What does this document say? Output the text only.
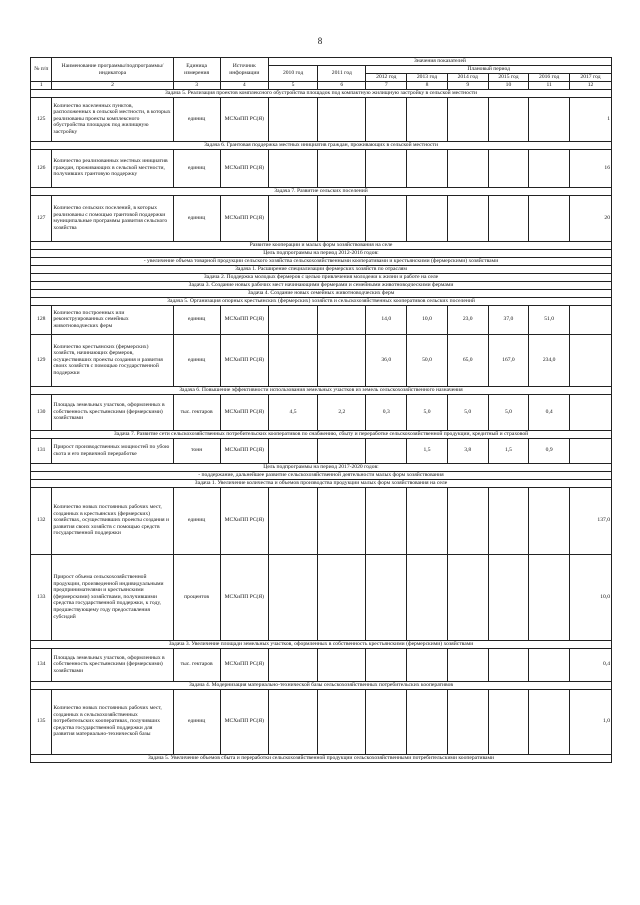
8
№ п/п	Наименование программы/подпрограммы/индикатора	Единица измерения	Источник информации	Значения показателей							
				2010 год	2011 год	Плановый период					
						2012 год	2013 год	2014 год	2015 год	2016 год	2017 год
1	2	3	4	5	6	7	8	9	10	11	12
Задача 5. Реализация проектов комплексного обустройства площадок под компактную жилищную застройку в сельской местности											
125	Количество населенных пунктов, расположенных в сельской местности, в которых реализованы проекты комплексного обустройства площадок под жилищную застройку	единиц	МСХиПП РС(Я)								1
Задача 6. Грантовая поддержка местных инициатив граждан, проживающих в сельской местности											
126	Количество реализованных местных инициатив граждан, проживающих в сельской местности, получивших грантовую поддержку	единиц	МСХиПП РС(Я)								16
Задача 7. Развитие сельских поселений											
127	Количество сельских поселений, в которых реализованы с помощью грантовой поддержки муниципальные программы развития сельского хозяйства	единиц	МСХиПП РС(Я)								20
Развитие кооперации и малых форм хозяйствования на селе											
Цель подпрограммы на период 2012-2016 годов:											
- увеличение объема товарной продукции сельского хозяйства сельскохозяйственными кооперативами и крестьянскими (фермерскими) хозяйствами											
Задача 1. Расширение специализации фермерских хозяйств по отраслям											
Задача 2. Поддержка молодых фермеров с целью привлечения молодежи к жизни и работе на селе											
Задача 3. Создание новых рабочих мест начинающими фермерами и семейными животноводческими фермами											
Задача 4. Создание новых семейных животноводческих ферм											
Задача 5. Организация опорных крестьянских (фермерских) хозяйств и сельскохозяйственных кооперативов сельских поселений											
128	Количество построенных или реконструированных семейных животноводческих ферм	единиц	МСХиПП РС(Я)			14,0	10,0	23,0	37,0	51,0	
129	Количество крестьянских (фермерских) хозяйств, начинающих фермеров, осуществивших проекты создания и развития своих хозяйств с помощью государственной поддержки	единиц	МСХиПП РС(Я)			36,0	50,0	65,0	167,0	234,0	
Задача 6. Повышение эффективности использования земельных участков из земель сельскохозяйственного назначения											
130	Площадь земельных участков, оформленных в собственность крестьянскими (фермерскими) хозяйствами	тыс. гектаров	МСХиПП РС(Я)	4,5	2,2	0,3	5,0	5,0	5,0	0,4	
Задача 7. Развитие сети сельскохозяйственных потребительских кооперативов по снабжению, сбыту и переработке сельскохозяйственной продукции, кредитный и страховой											
131	Прирост производственных мощностей по убою скота и его первичной переработке	тонн	МСХиПП РС(Я)				1,5	3,8	1,5	0,9	
Цель подпрограммы на период 2017-2020 годов:											
- поддержание, дальнейшее развитие сельскохозяйственной деятельности малых форм хозяйствования											
Задача 1. Увеличение количества и объемов производства продукции малых форм хозяйствования на селе											
132	Количество новых постоянных рабочих мест, созданных в крестьянских (фермерских) хозяйствах, осуществивших проекты создания и развития своих хозяйств с помощью средств государственной поддержки	единиц	МСХиПП РС(Я)								137,0
133	Прирост объема сельскохозяйственной продукции, произведенной индивидуальными предпринимателями и крестьянскими (фермерскими) хозяйствами, получившими средства государственной поддержки, к году, предшествующему году предоставления субсидий	процентов	МСХиПП РС(Я)								10,0
Задача 3. Увеличение площади земельных участков, оформленных в собственность крестьянскими (фермерскими) хозяйствами											
134	Площадь земельных участков, оформленных в собственность крестьянскими (фермерскими) хозяйствами	тыс. гектаров	МСХиПП РС(Я)								0,4
Задача 4. Модернизация материально-технической базы сельскохозяйственных потребительских кооперативов											
135	Количество новых постоянных рабочих мест, созданных в сельскохозяйственных потребительских кооперативах, получивших средства государственной поддержки для развития материально-технической базы	единиц	МСХиПП РС(Я)								1,0
Задача 5. Увеличение объемов сбыта и переработки сельскохозяйственной продукции сельскохозяйственными потребительскими кооперативами											
